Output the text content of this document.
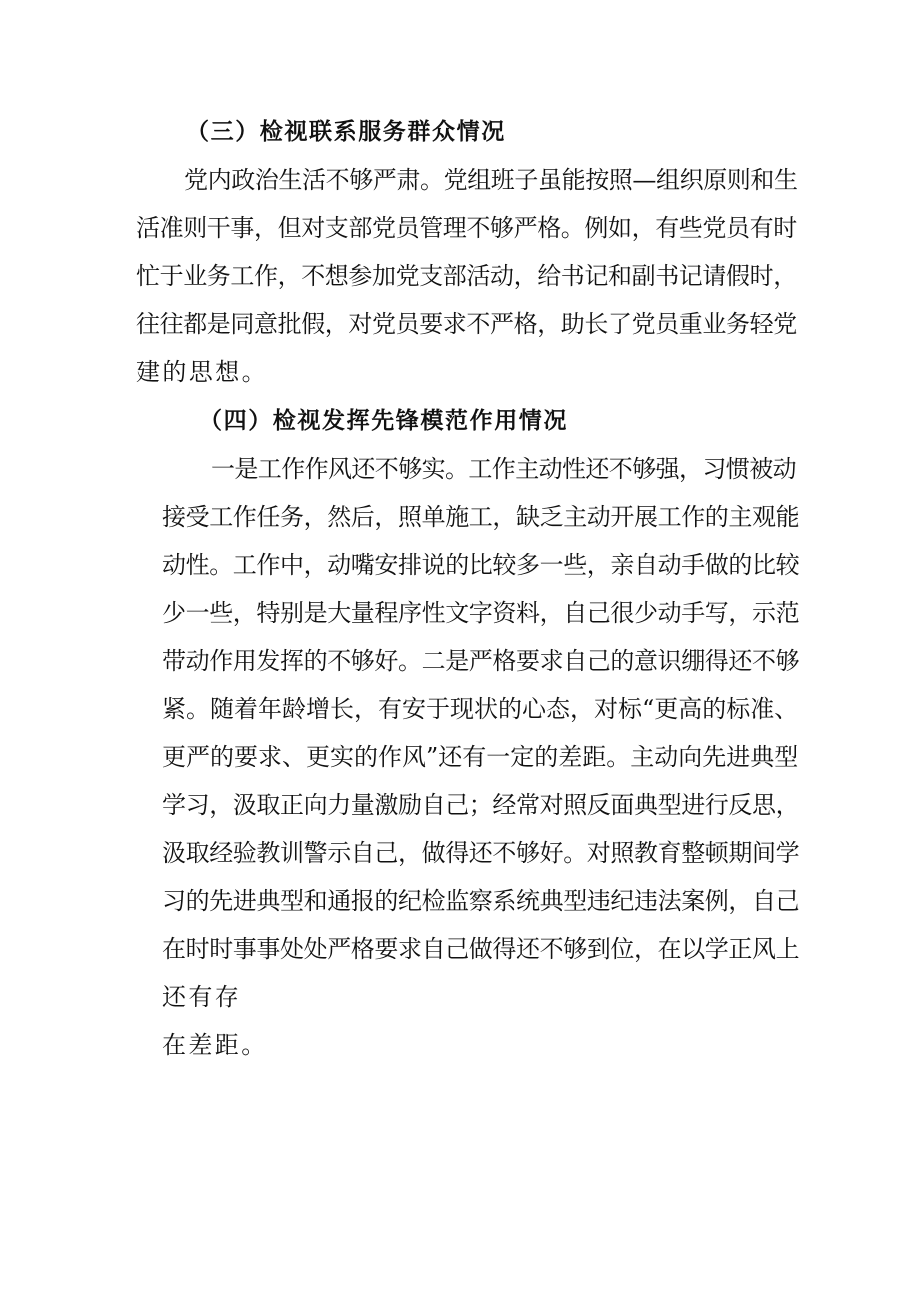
（三）检视联系服务群众情况
党内政治生活不够严肃。党组班子虽能按照—组织原则和生
活准则干事，但对支部党员管理不够严格。例如，有些党员有时
忙于业务工作，不想参加党支部活动，给书记和副书记请假时，
往往都是同意批假，对党员要求不严格，助长了党员重业务轻党
建的思想。
（四）检视发挥先锋模范作用情况
一是工作作风还不够实。工作主动性还不够强，习惯被动
接受工作任务，然后，照单施工，缺乏主动开展工作的主观能
动性。工作中，动嘴安排说的比较多一些，亲自动手做的比较
少一些，特别是大量程序性文字资料，自己很少动手写，示范
带动作用发挥的不够好。二是严格要求自己的意识绷得还不够
紧。随着年龄增长，有安于现状的心态，对标“更高的标准、
更严的要求、更实的作风”还有一定的差距。主动向先进典型
学习，汲取正向力量激励自己；经常对照反面典型进行反思，
汲取经验教训警示自己，做得还不够好。对照教育整顿期间学
习的先进典型和通报的纪检监察系统典型违纪违法案例，自己
在时时事事处处严格要求自己做得还不够到位，在以学正风上
还有存
在差距。
